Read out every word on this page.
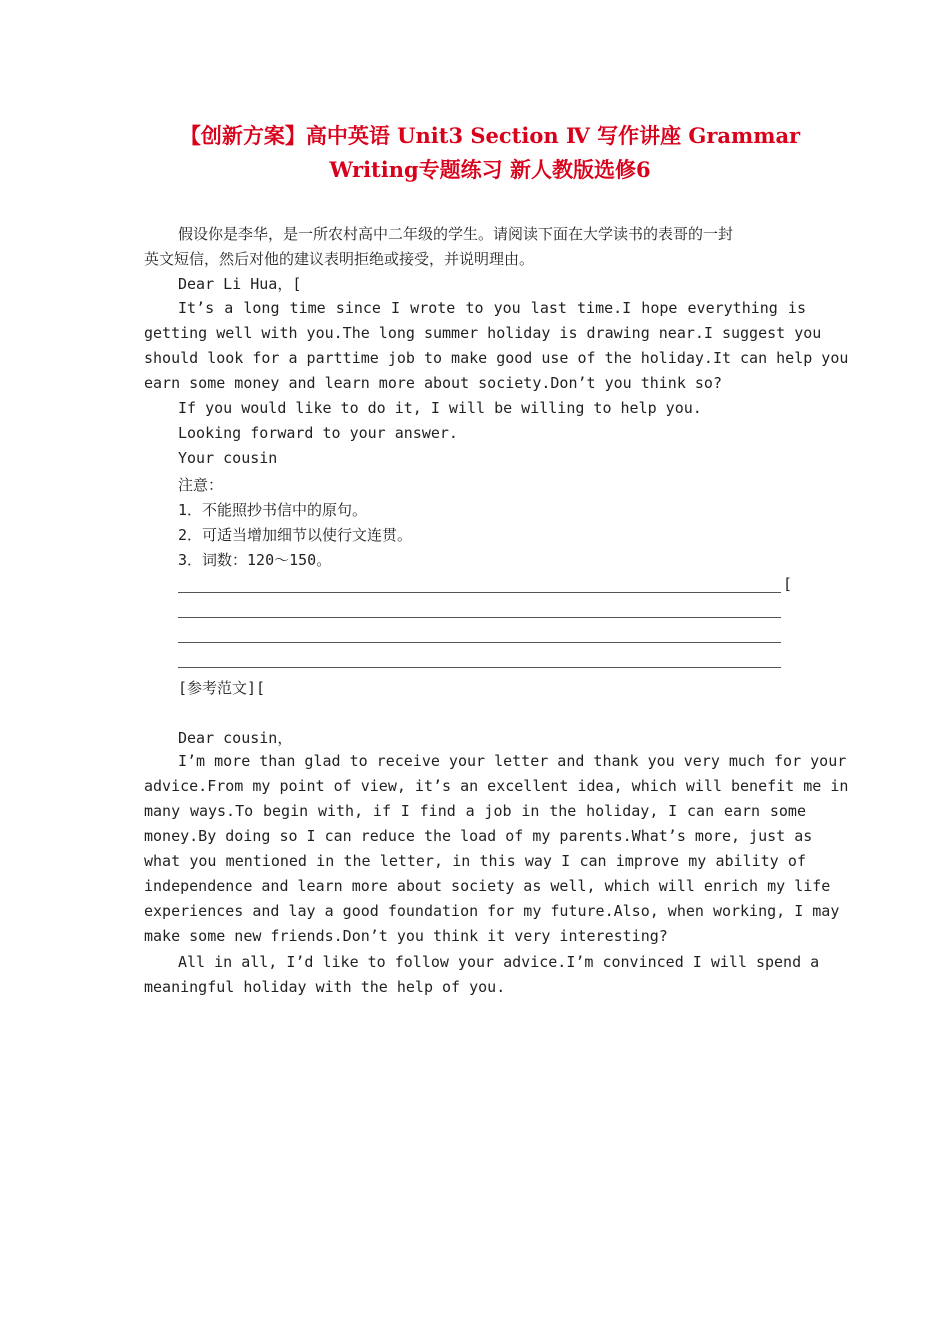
【创新方案】高中英语 Unit3 Section Ⅳ 写作讲座 Grammar
Writing专题练习 新人教版选修6
假设你是李华，是一所农村高中二年级的学生。请阅读下面在大学读书的表哥的一封
英文短信，然后对他的建议表明拒绝或接受，并说明理由。
Dear Li Hua，[
It’s a long time since I wrote to you last time.I hope everything is
getting well with you.The long summer holiday is drawing near.I suggest you
should look for a parttime job to make good use of the holiday.It can help you
earn some money and learn more about society.Don’t you think so?
If you would like to do it, I will be willing to help you.
Looking forward to your answer.
Your cousin
注意：
1．不能照抄书信中的原句。
2．可适当增加细节以使行文连贯。
3．词数：120～150。
[
[参考范文][
Dear cousin，
I’m more than glad to receive your letter and thank you very much for your
advice.From my point of view, it’s an excellent idea, which will benefit me in
many ways.To begin with, if I find a job in the holiday, I can earn some
money.By doing so I can reduce the load of my parents.What’s more, just as
what you mentioned in the letter, in this way I can improve my ability of
independence and learn more about society as well, which will enrich my life
experiences and lay a good foundation for my future.Also, when working, I may
make some new friends.Don’t you think it very interesting?
All in all, I’d like to follow your advice.I’m convinced I will spend a
meaningful holiday with the help of you.
